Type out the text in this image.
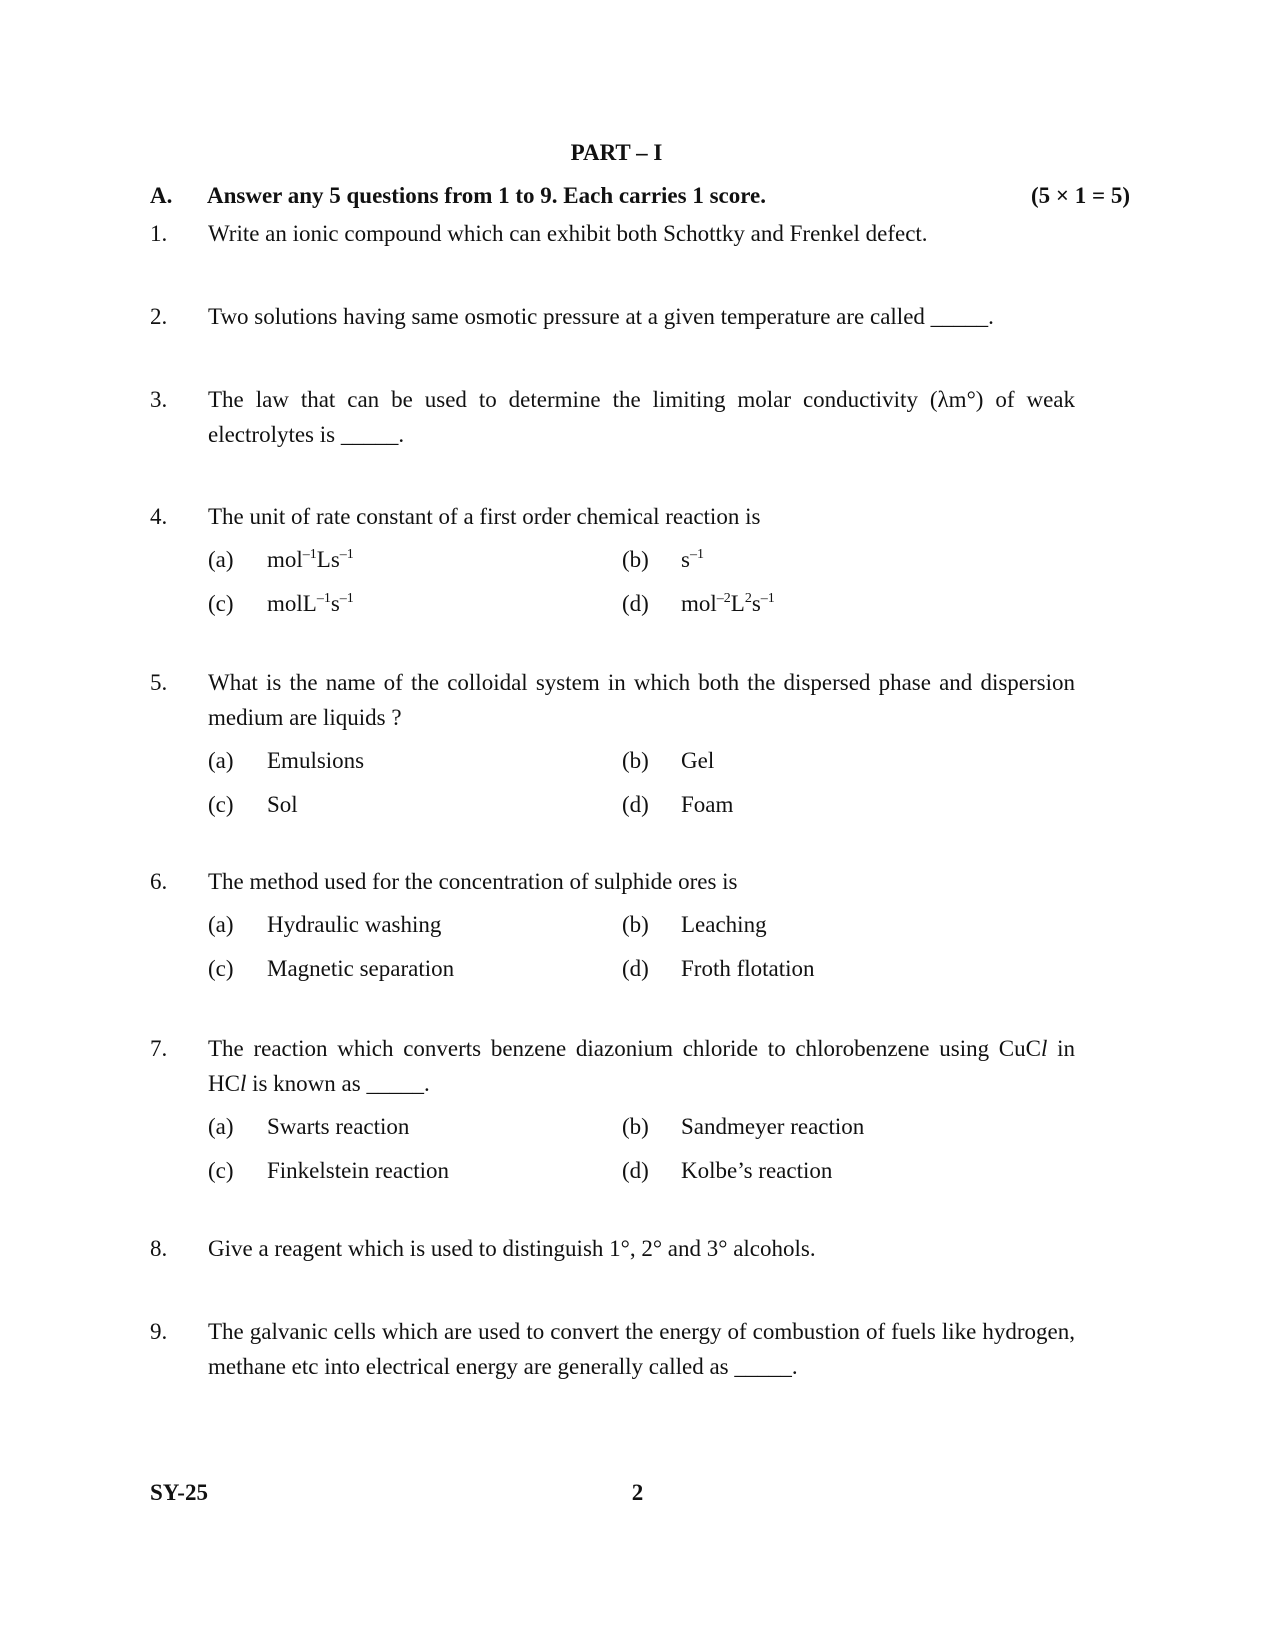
PART – I
A. Answer any 5 questions from 1 to 9. Each carries 1 score.	(5 × 1 = 5)
1. Write an ionic compound which can exhibit both Schottky and Frenkel defect.
2. Two solutions having same osmotic pressure at a given temperature are called _____.
3. The law that can be used to determine the limiting molar conductivity (λm°) of weak electrolytes is _____.
4. The unit of rate constant of a first order chemical reaction is
(a) $mol^{-1}Ls^{-1}$	(b) $s^{-1}$
(c) $molL^{-1}s^{-1}$	(d) $mol^{-2}L^2s^{-1}$
5. What is the name of the colloidal system in which both the dispersed phase and dispersion medium are liquids ?
(a) Emulsions	(b) Gel
(c) Sol	(d) Foam
6. The method used for the concentration of sulphide ores is
(a) Hydraulic washing	(b) Leaching
(c) Magnetic separation	(d) Froth flotation
7. The reaction which converts benzene diazonium chloride to chlorobenzene using CuCl in HCl is known as _____.
(a) Swarts reaction	(b) Sandmeyer reaction
(c) Finkelstein reaction	(d) Kolbe’s reaction
8. Give a reagent which is used to distinguish 1°, 2° and 3° alcohols.
9. The galvanic cells which are used to convert the energy of combustion of fuels like hydrogen, methane etc into electrical energy are generally called as _____.
SY-25	2
